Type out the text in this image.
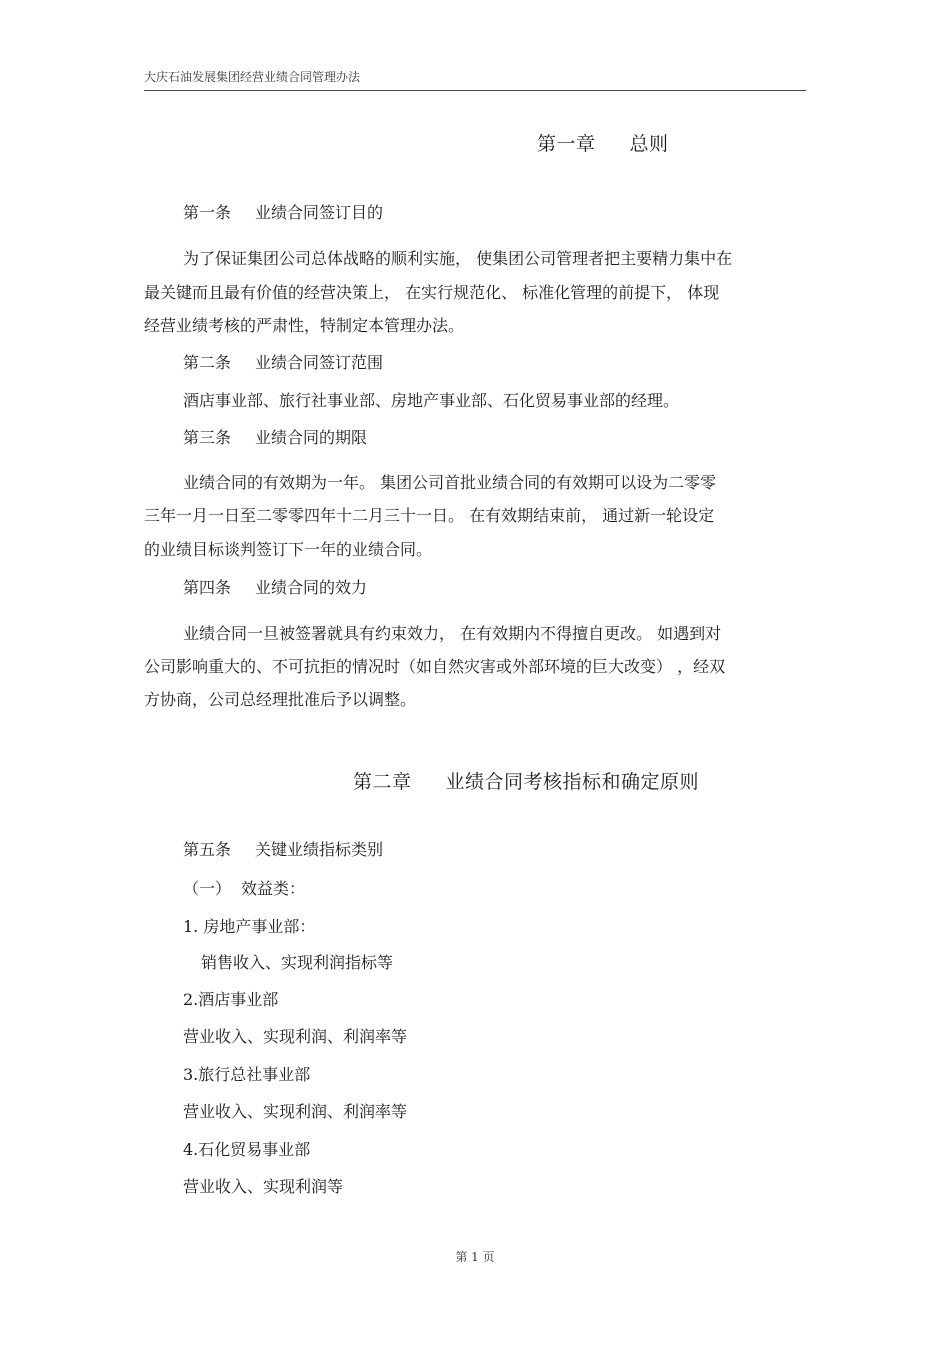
大庆石油发展集团经营业绩合同管理办法
第一章 总则
第一条 业绩合同签订目的
为了保证集团公司总体战略的顺利实施， 使集团公司管理者把主要精力集中在
最关键而且最有价值的经营决策上， 在实行规范化、 标准化管理的前提下， 体现
经营业绩考核的严肃性，特制定本管理办法。
第二条 业绩合同签订范围
酒店事业部、旅行社事业部、房地产事业部、石化贸易事业部的经理。
第三条 业绩合同的期限
业绩合同的有效期为一年。 集团公司首批业绩合同的有效期可以设为二零零
三年一月一日至二零零四年十二月三十一日。 在有效期结束前， 通过新一轮设定
的业绩目标谈判签订下一年的业绩合同。
第四条 业绩合同的效力
业绩合同一旦被签署就具有约束效力， 在有效期内不得擅自更改。 如遇到对
公司影响重大的、不可抗拒的情况时（如自然灾害或外部环境的巨大改变） ，经双
方协商，公司总经理批准后予以调整。
第二章 业绩合同考核指标和确定原则
第五条 关键业绩指标类别
（一） 效益类：
1. 房地产事业部：
销售收入、实现利润指标等
2.酒店事业部
营业收入、实现利润、利润率等
3.旅行总社事业部
营业收入、实现利润、利润率等
4.石化贸易事业部
营业收入、实现利润等
第 1 页
